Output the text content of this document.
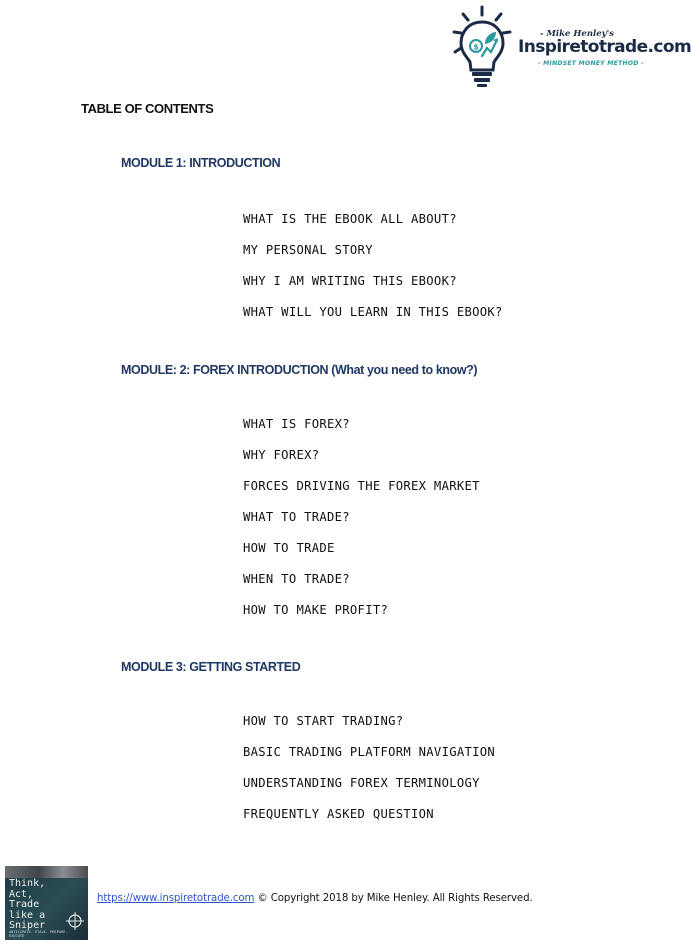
$
- Mike Henley's
Inspiretotrade.com
- MINDSET MONEY METHOD -
TABLE OF CONTENTS
MODULE 1: INTRODUCTION
WHAT IS THE EBOOK ALL ABOUT?
MY PERSONAL STORY
WHY I AM WRITING THIS EBOOK?
WHAT WILL YOU LEARN IN THIS EBOOK?
MODULE: 2: FOREX INTRODUCTION (What you need to know?)
WHAT IS FOREX?
WHY FOREX?
FORCES DRIVING THE FOREX MARKET
WHAT TO TRADE?
HOW TO TRADE
WHEN TO TRADE?
HOW TO MAKE PROFIT?
MODULE 3: GETTING STARTED
HOW TO START TRADING?
BASIC TRADING PLATFORM NAVIGATION
UNDERSTANDING FOREX TERMINOLOGY
FREQUENTLY ASKED QUESTION
Think, Act, Trade like a Sniper
ANTICIPATE. STALK. PREPARE. EXECUTE
https://www.inspiretotrade.com © Copyright 2018 by Mike Henley. All Rights Reserved.
